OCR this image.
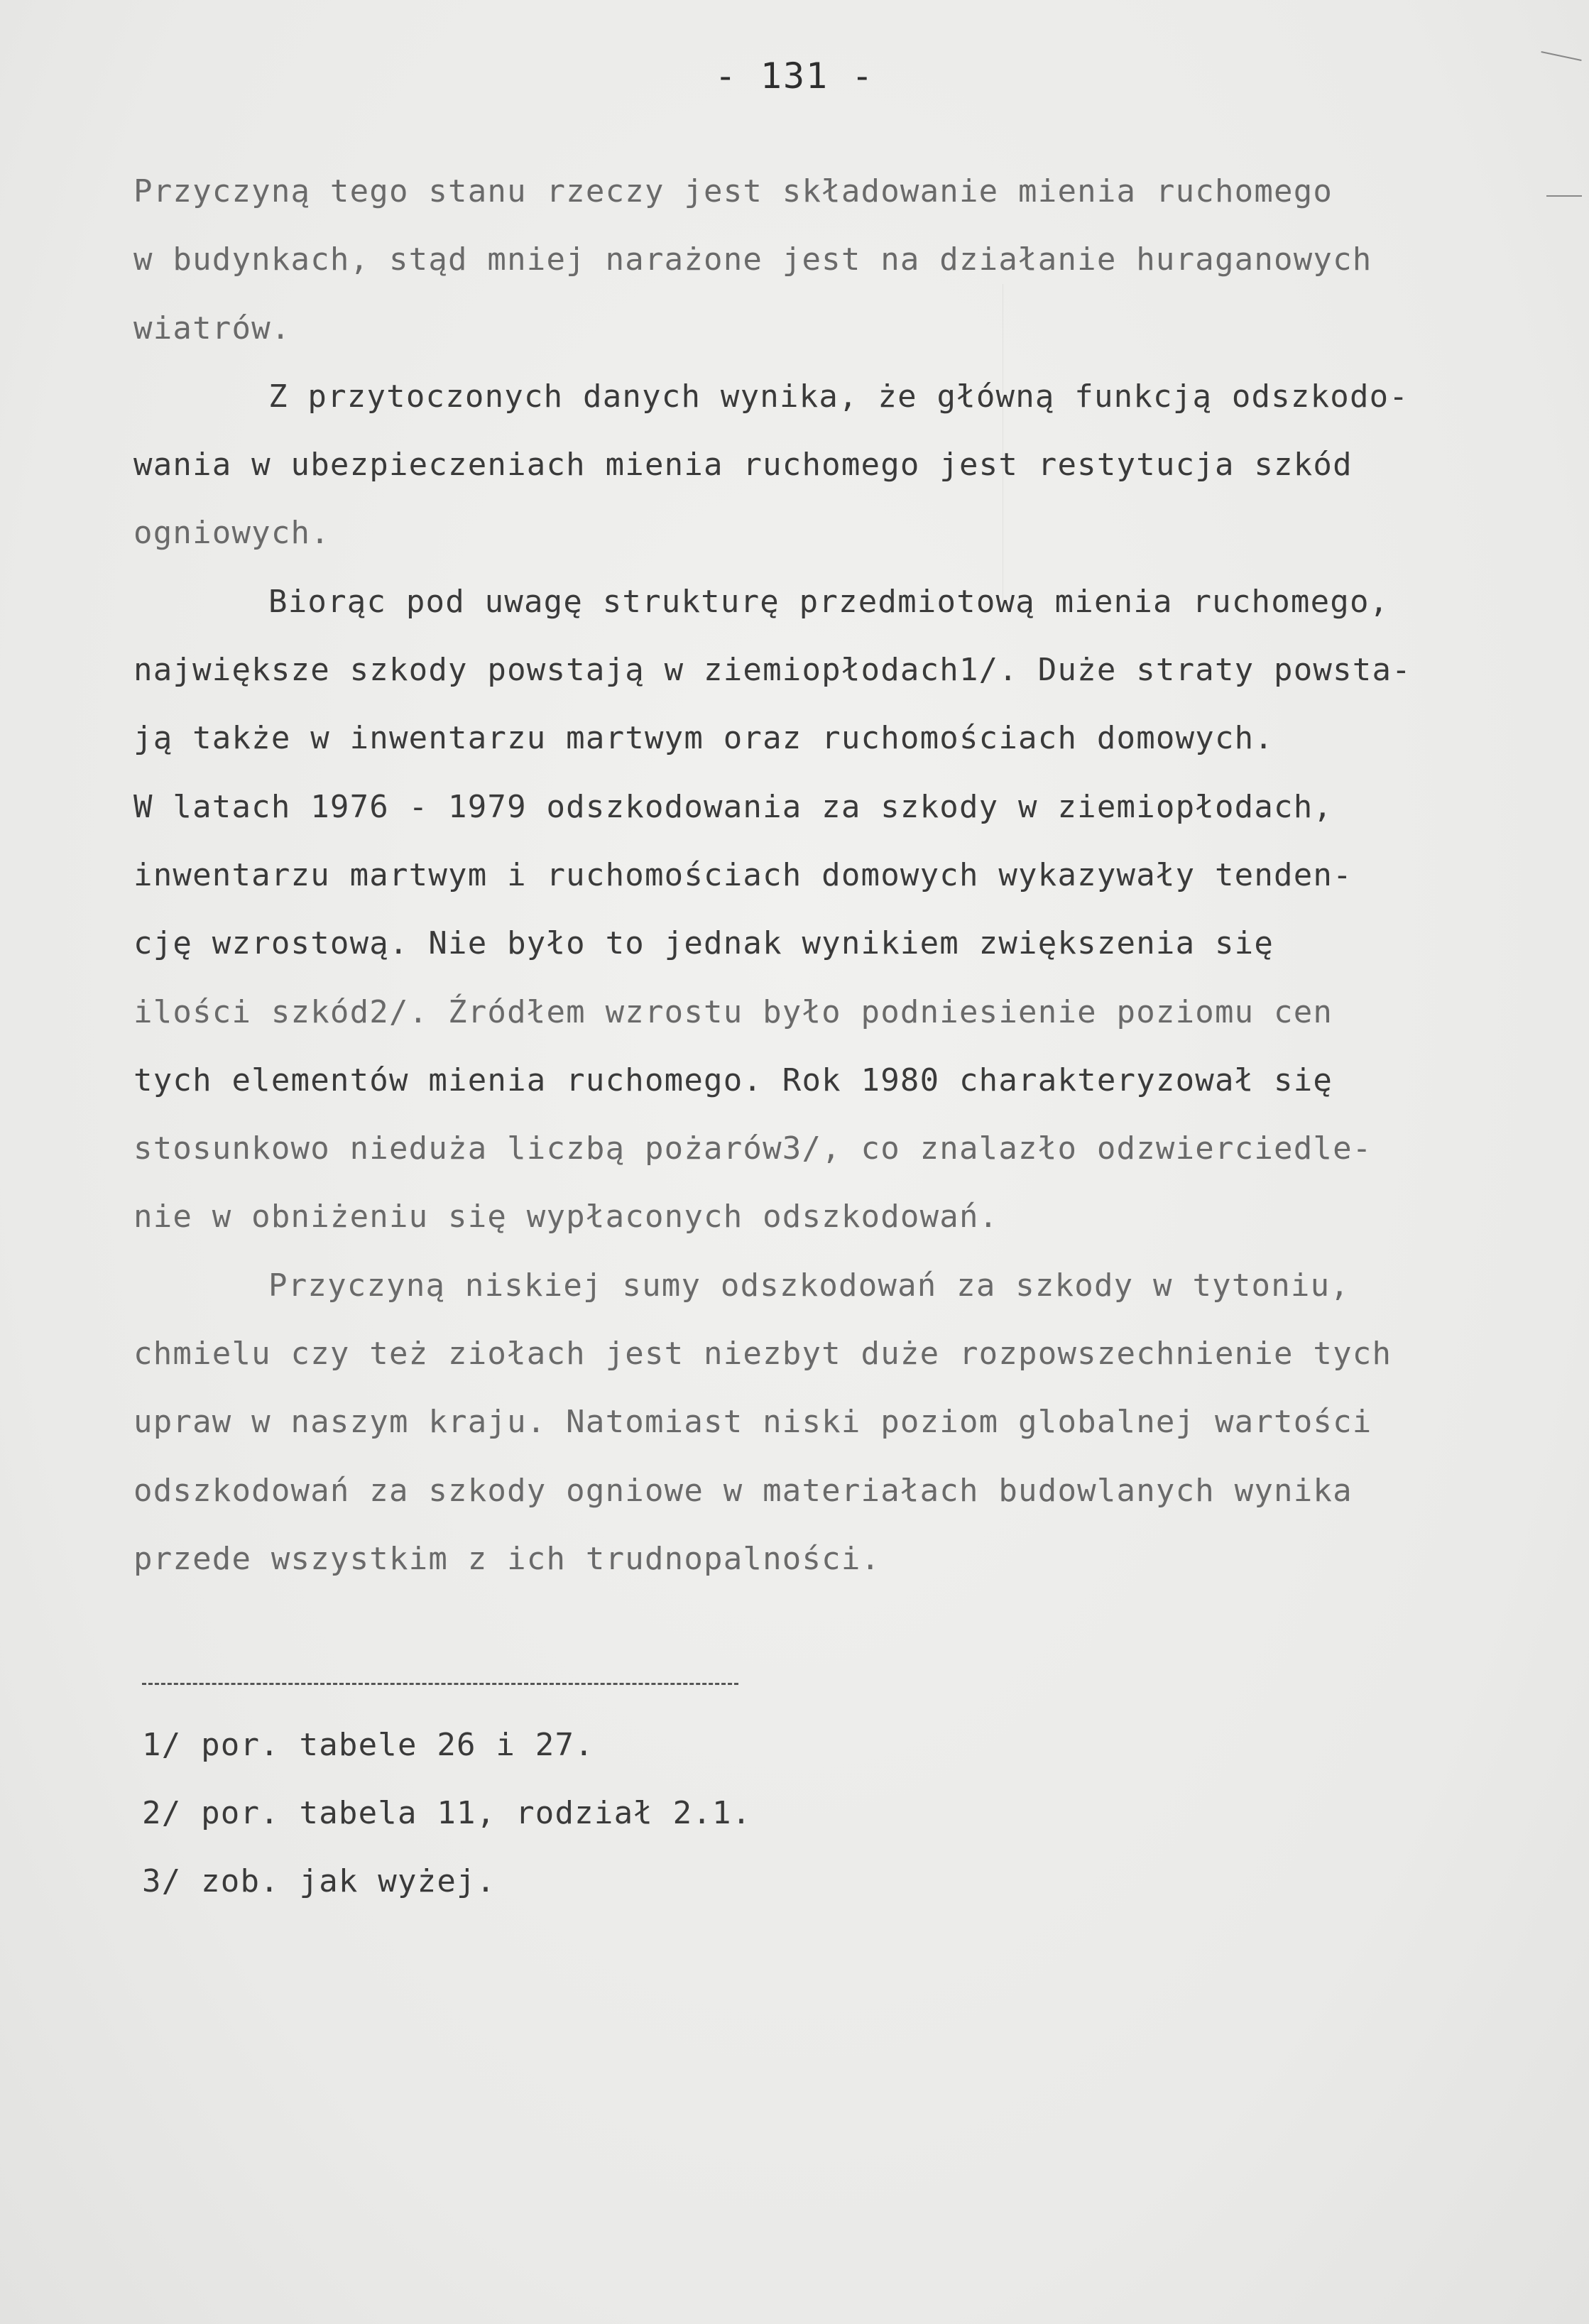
- 131 -
Przyczyną tego stanu rzeczy jest składowanie mienia ruchomego
w budynkach, stąd mniej narażone jest na działanie huraganowych
wiatrów.
Z przytoczonych danych wynika, że główną funkcją odszkodo-
wania w ubezpieczeniach mienia ruchomego jest restytucja szkód
ogniowych.
Biorąc pod uwagę strukturę przedmiotową mienia ruchomego,
największe szkody powstają w ziemiopłodach1/. Duże straty powsta-
ją także w inwentarzu martwym oraz ruchomościach domowych.
W latach 1976 - 1979 odszkodowania za szkody w ziemiopłodach,
inwentarzu martwym i ruchomościach domowych wykazywały tenden-
cję wzrostową. Nie było to jednak wynikiem zwiększenia się
ilości szkód2/. Źródłem wzrostu było podniesienie poziomu cen
tych elementów mienia ruchomego. Rok 1980 charakteryzował się
stosunkowo nieduża liczbą pożarów3/, co znalazło odzwierciedle-
nie w obniżeniu się wypłaconych odszkodowań.
Przyczyną niskiej sumy odszkodowań za szkody w tytoniu,
chmielu czy też ziołach jest niezbyt duże rozpowszechnienie tych
upraw w naszym kraju. Natomiast niski poziom globalnej wartości
odszkodowań za szkody ogniowe w materiałach budowlanych wynika
przede wszystkim z ich trudnopalności.
1/ por. tabele 26 i 27.
2/ por. tabela 11, rodział 2.1.
3/ zob. jak wyżej.
